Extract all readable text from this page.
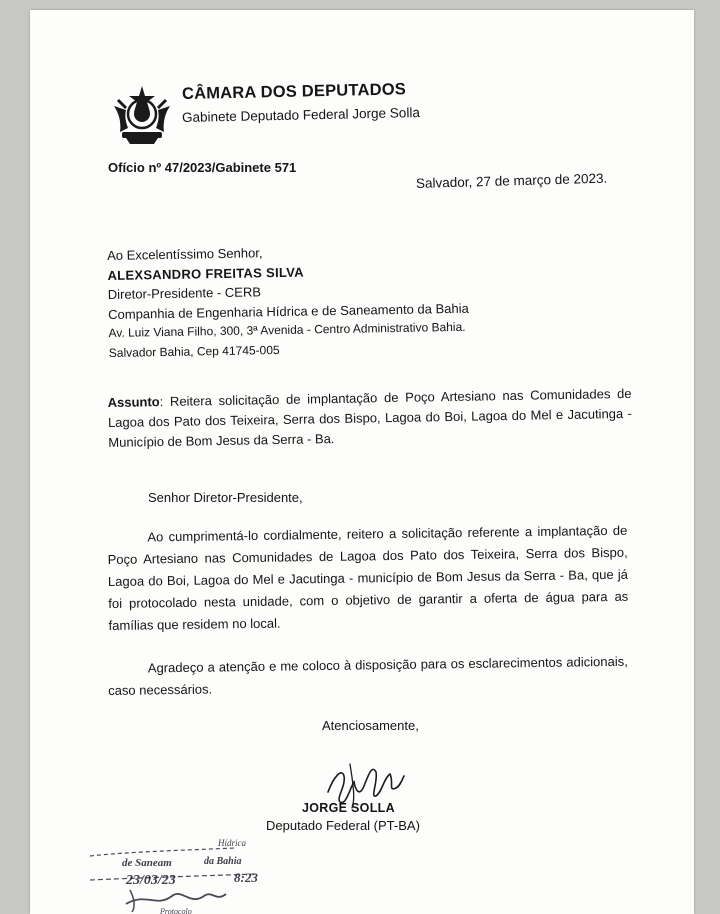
CÂMARA DOS DEPUTADOS
Gabinete Deputado Federal Jorge Solla
Ofício nº 47/2023/Gabinete 571
Salvador, 27 de março de 2023.
Ao Excelentíssimo Senhor,
ALEXSANDRO FREITAS SILVA
Diretor-Presidente - CERB
Companhia de Engenharia Hídrica e de Saneamento da Bahia
Av. Luiz Viana Filho, 300, 3ª Avenida - Centro Administrativo Bahia.
Salvador Bahia, Cep 41745-005
Assunto: Reitera solicitação de implantação de Poço Artesiano nas Comunidades de Lagoa dos Pato dos Teixeira, Serra dos Bispo, Lagoa do Boi, Lagoa do Mel e Jacutinga - Município de Bom Jesus da Serra - Ba.
Senhor Diretor-Presidente,
Ao cumprimentá-lo cordialmente, reitero a solicitação referente a implantação de Poço Artesiano nas Comunidades de Lagoa dos Pato dos Teixeira, Serra dos Bispo, Lagoa do Boi, Lagoa do Mel e Jacutinga - município de Bom Jesus da Serra - Ba, que já foi protocolado nesta unidade, com o objetivo de garantir a oferta de água para as famílias que residem no local.
Agradeço a atenção e me coloco à disposição para os esclarecimentos adicionais, caso necessários.
Atenciosamente,
JORGE SOLLA
Deputado Federal (PT-BA)
Hídrica
de Saneam	da Bahia
23/03/23	8:23
Protocolo
